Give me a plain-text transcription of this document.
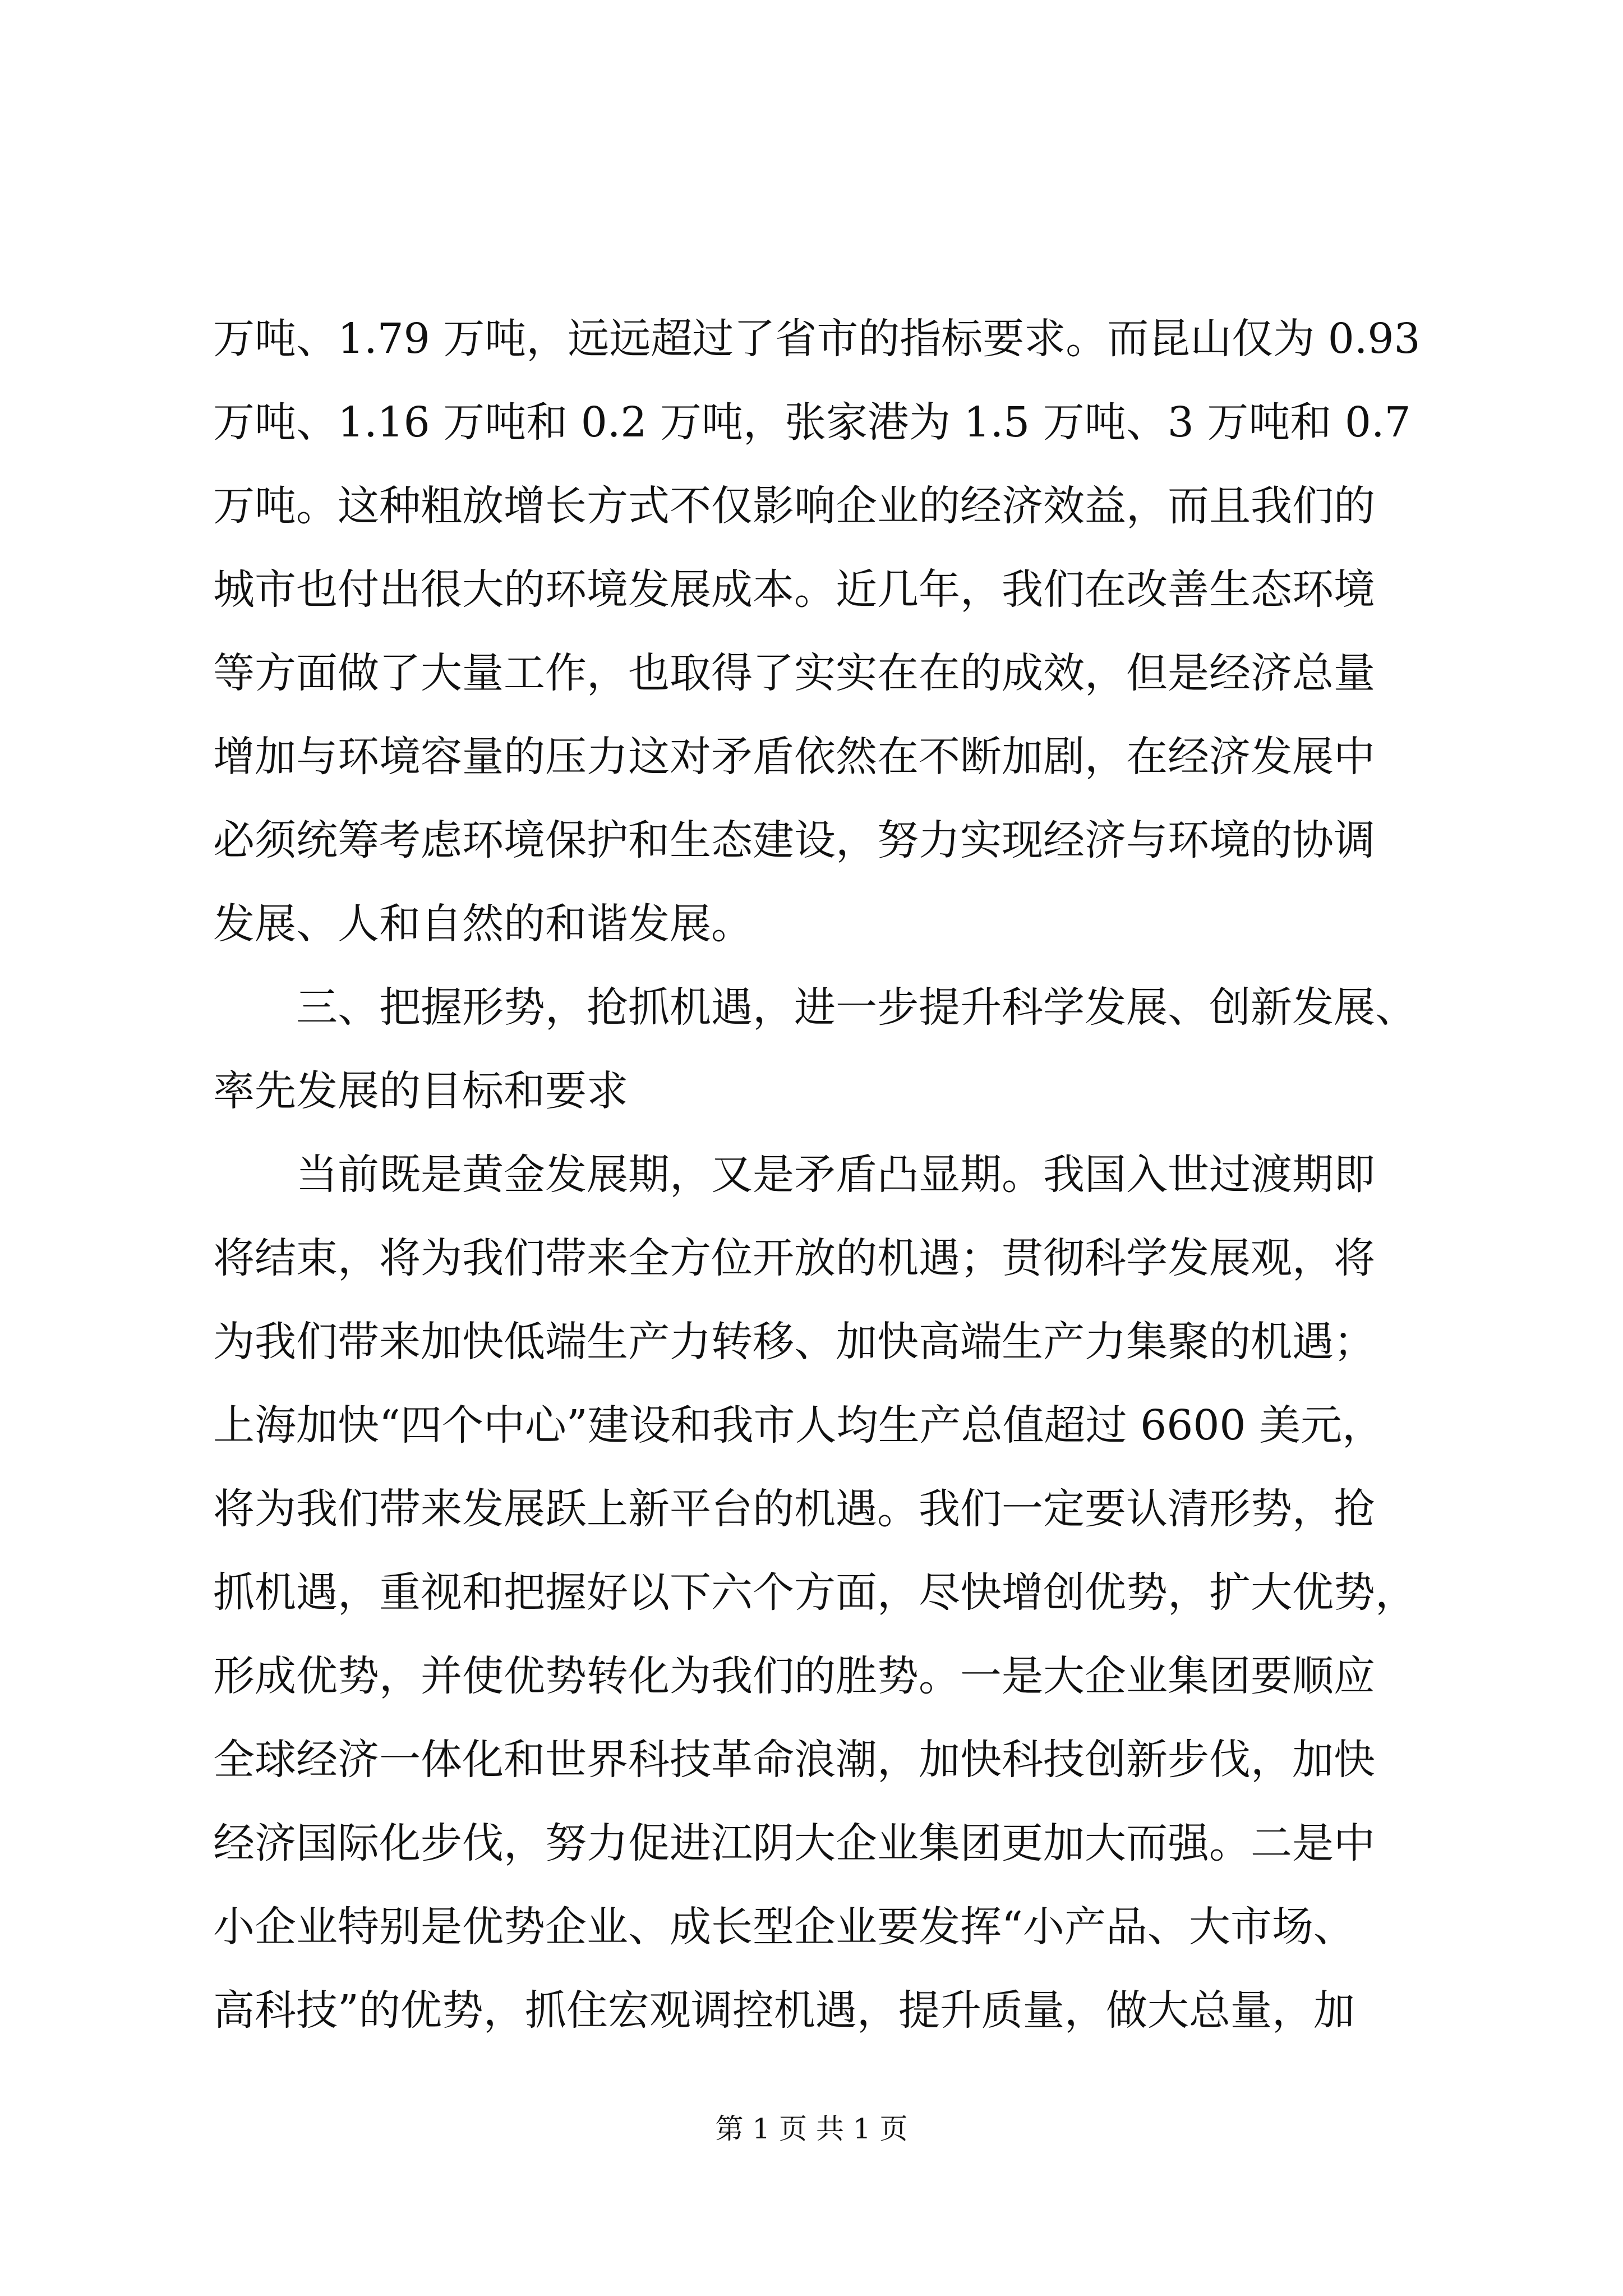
万吨、1.79 万吨，远远超过了省市的指标要求。而昆山仅为 0.93
万吨、1.16 万吨和 0.2 万吨，张家港为 1.5 万吨、3 万吨和 0.7
万吨。这种粗放增长方式不仅影响企业的经济效益，而且我们的
城市也付出很大的环境发展成本。近几年，我们在改善生态环境
等方面做了大量工作，也取得了实实在在的成效，但是经济总量
增加与环境容量的压力这对矛盾依然在不断加剧，在经济发展中
必须统筹考虑环境保护和生态建设，努力实现经济与环境的协调
发展、人和自然的和谐发展。
　　三、把握形势，抢抓机遇，进一步提升科学发展、创新发展、
率先发展的目标和要求
　　当前既是黄金发展期，又是矛盾凸显期。我国入世过渡期即
将结束，将为我们带来全方位开放的机遇；贯彻科学发展观，将
为我们带来加快低端生产力转移、加快高端生产力集聚的机遇；
上海加快“四个中心”建设和我市人均生产总值超过 6600 美元，
将为我们带来发展跃上新平台的机遇。我们一定要认清形势，抢
抓机遇，重视和把握好以下六个方面，尽快增创优势，扩大优势，
形成优势，并使优势转化为我们的胜势。一是大企业集团要顺应
全球经济一体化和世界科技革命浪潮，加快科技创新步伐，加快
经济国际化步伐，努力促进江阴大企业集团更加大而强。二是中
小企业特别是优势企业、成长型企业要发挥“小产品、大市场、
高科技”的优势，抓住宏观调控机遇，提升质量，做大总量，加
第 1 页 共 1 页
